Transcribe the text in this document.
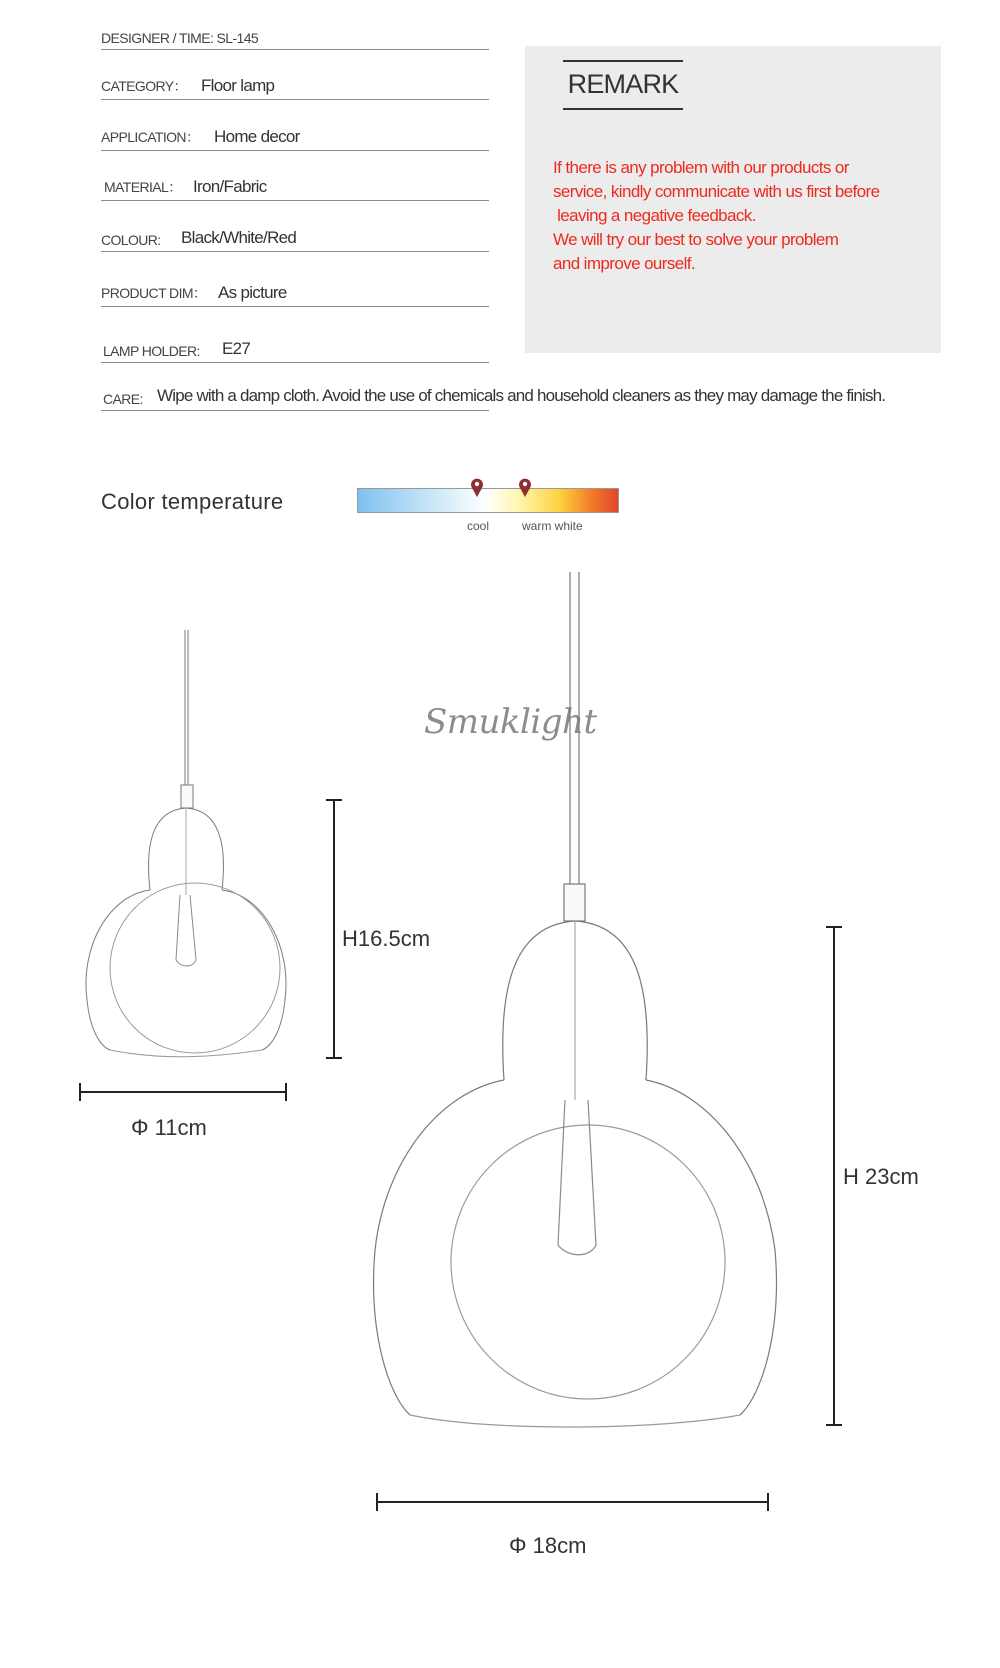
DESIGNER / TIME: SL-145
CATEGORY： Floor lamp
APPLICATION： Home decor
MATERIAL： Iron/Fabric
COLOUR: Black/White/Red
PRODUCT DIM： As picture
LAMP HOLDER: E27
CARE: Wipe with a damp cloth. Avoid the use of chemicals and household cleaners as they may damage the finish.
REMARK
If there is any problem with our products or
service, kindly communicate with us first before
leaving a negative feedback.
We will try our best to solve your problem
and improve ourself.
Color temperature
cool	warm white
Smuklight
H16.5cm
Φ 11cm
H 23cm
Φ 18cm
